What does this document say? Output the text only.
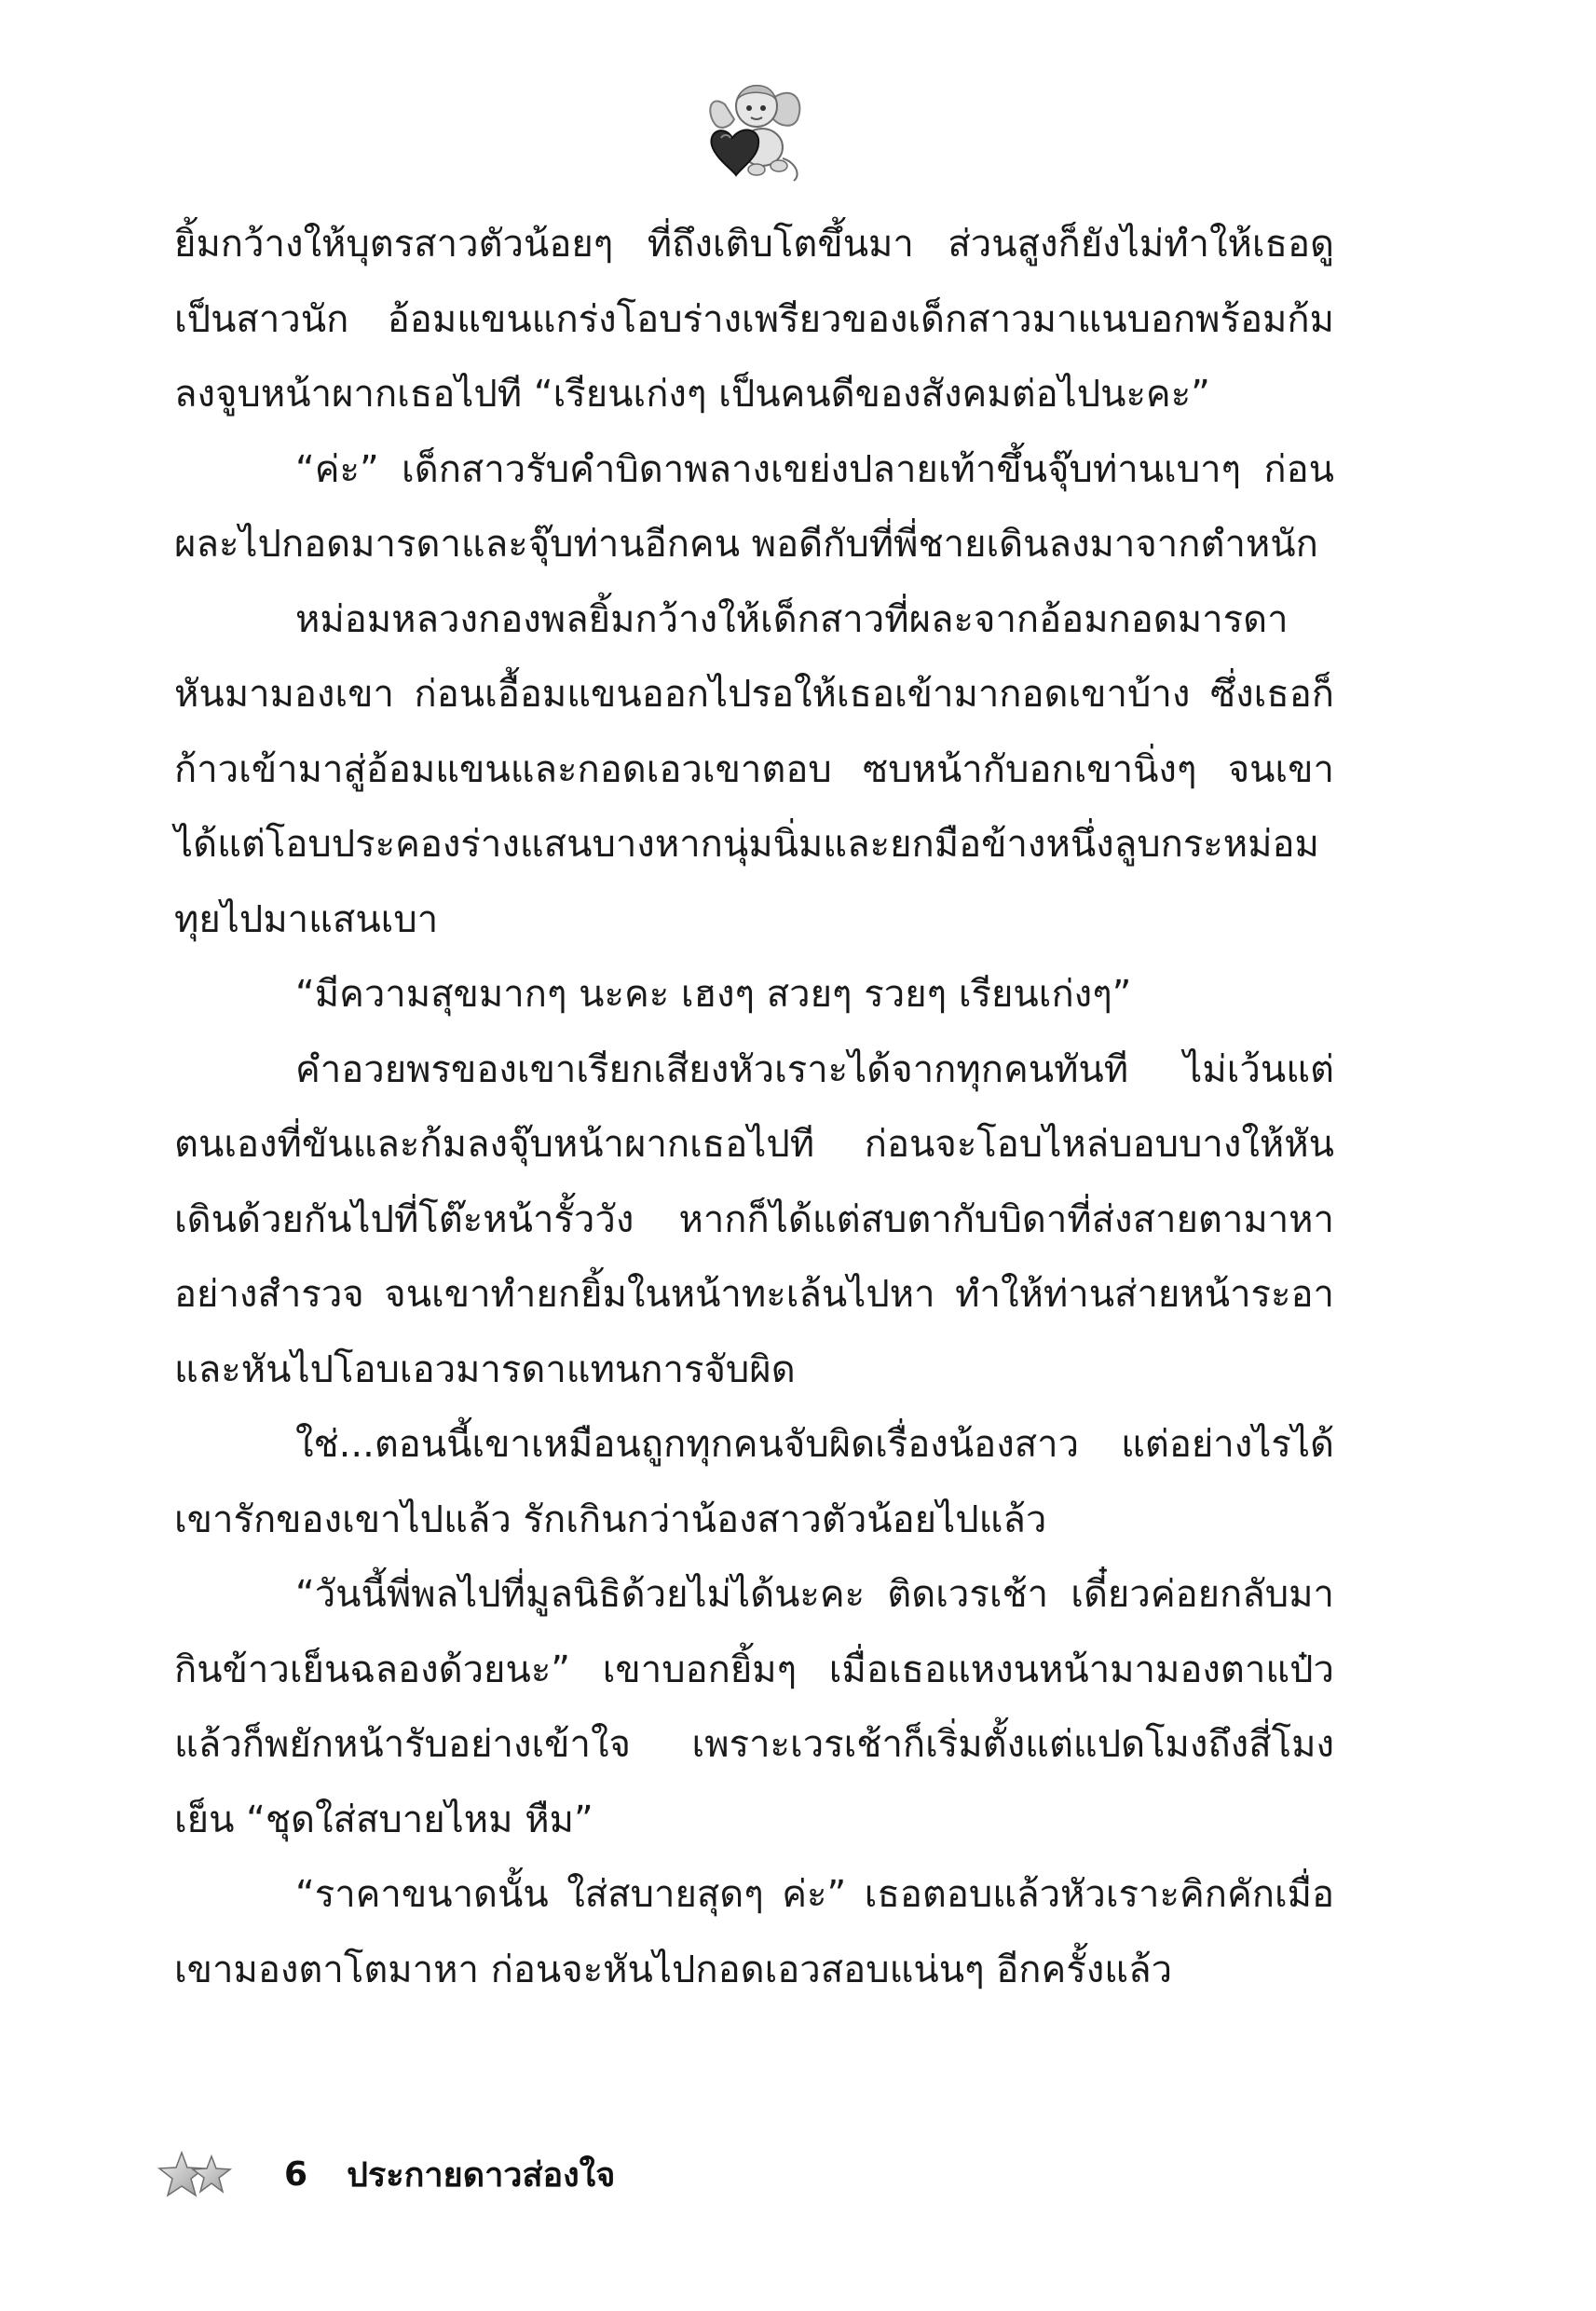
ยิ้มกว้างให้บุตรสาวตัวน้อยๆ ที่ถึงเติบโตขึ้นมา ส่วนสูงก็ยังไม่ทำให้เธอดูเป็นสาวนัก อ้อมแขนแกร่งโอบร่างเพรียวของเด็กสาวมาแนบอกพร้อมก้มลงจูบหน้าผากเธอไปที “เรียนเก่งๆ เป็นคนดีของสังคมต่อไปนะคะ”

“ค่ะ” เด็กสาวรับคำบิดาพลางเขย่งปลายเท้าขึ้นจุ๊บท่านเบาๆ ก่อนผละไปกอดมารดาและจุ๊บท่านอีกคน พอดีกับที่พี่ชายเดินลงมาจากตำหนัก

หม่อมหลวงกองพลยิ้มกว้างให้เด็กสาวที่ผละจากอ้อมกอดมารดาหันมามองเขา ก่อนเอื้อมแขนออกไปรอให้เธอเข้ามากอดเขาบ้าง ซึ่งเธอก็ก้าวเข้ามาสู่อ้อมแขนและกอดเอวเขาตอบ ซบหน้ากับอกเขานิ่งๆ จนเขาได้แต่โอบประคองร่างแสนบางหากนุ่มนิ่มและยกมือข้างหนึ่งลูบกระหม่อมทุยไปมาแสนเบา

“มีความสุขมากๆ นะคะ เฮงๆ สวยๆ รวยๆ เรียนเก่งๆ”

คำอวยพรของเขาเรียกเสียงหัวเราะได้จากทุกคนทันที ไม่เว้นแต่ตนเองที่ขันและก้มลงจุ๊บหน้าผากเธอไปที ก่อนจะโอบไหล่บอบบางให้หันเดินด้วยกันไปที่โต๊ะหน้ารั้ววัง หากก็ได้แต่สบตากับบิดาที่ส่งสายตามาหาอย่างสำรวจ จนเขาทำยกยิ้มในหน้าทะเล้นไปหา ทำให้ท่านส่ายหน้าระอาและหันไปโอบเอวมารดาแทนการจับผิด

ใช่...ตอนนี้เขาเหมือนถูกทุกคนจับผิดเรื่องน้องสาว แต่อย่างไรได้เขารักของเขาไปแล้ว รักเกินกว่าน้องสาวตัวน้อยไปแล้ว

“วันนี้พี่พลไปที่มูลนิธิด้วยไม่ได้นะคะ ติดเวรเช้า เดี๋ยวค่อยกลับมากินข้าวเย็นฉลองด้วยนะ” เขาบอกยิ้มๆ เมื่อเธอแหงนหน้ามามองตาแป๋ว แล้วก็พยักหน้ารับอย่างเข้าใจ เพราะเวรเช้าก็เริ่มตั้งแต่แปดโมงถึงสี่โมงเย็น “ชุดใส่สบายไหม หืม”

“ราคาขนาดนั้น ใส่สบายสุดๆ ค่ะ” เธอตอบแล้วหัวเราะคิกคักเมื่อเขามองตาโตมาหา ก่อนจะหันไปกอดเอวสอบแน่นๆ อีกครั้งแล้ว

6 ประกายดาวส่องใจ
